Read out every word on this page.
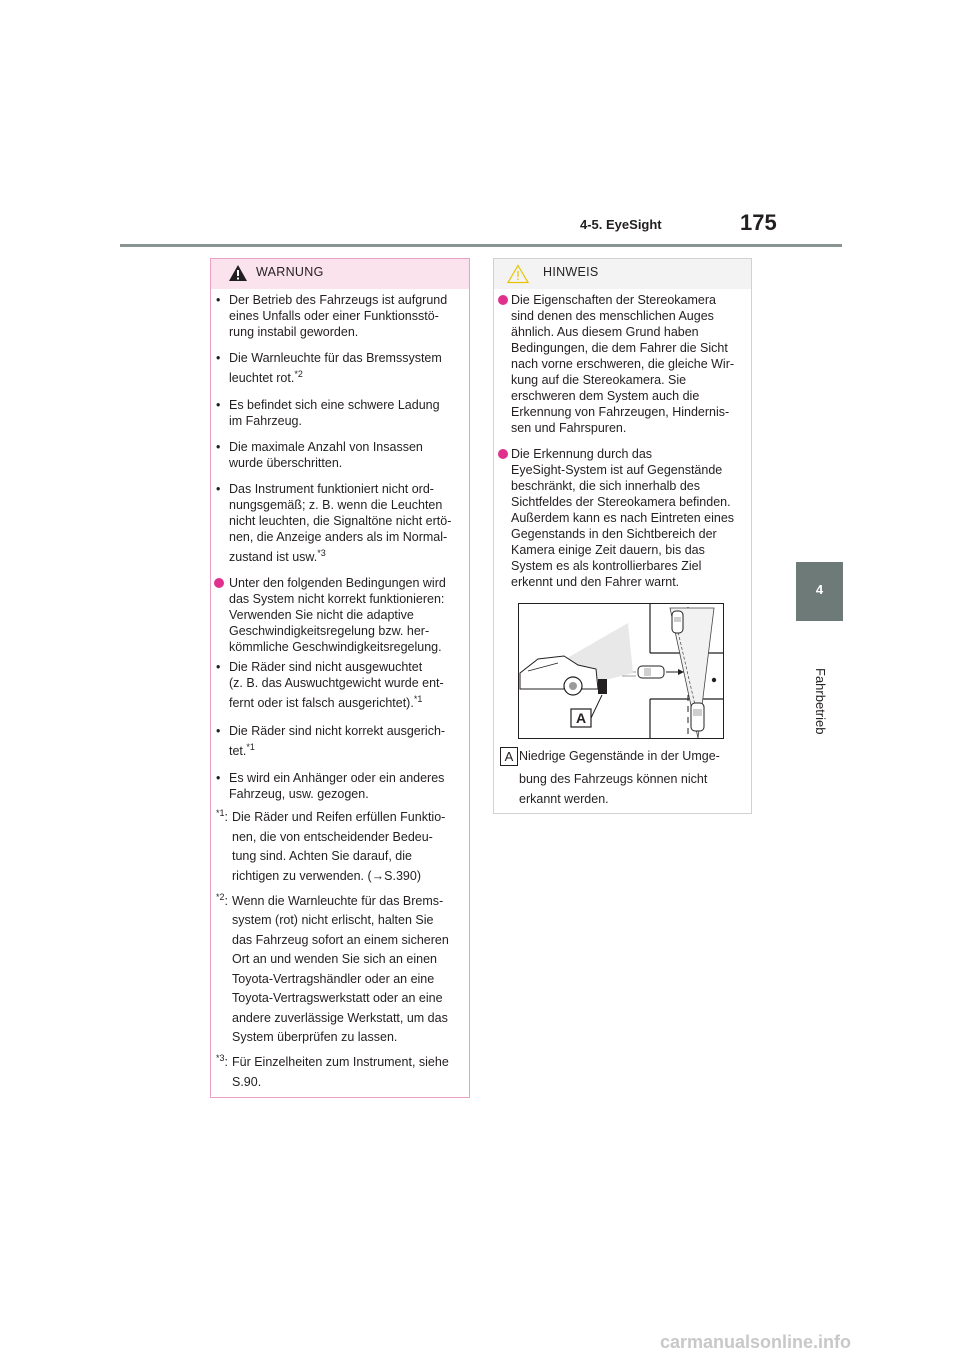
4-5. EyeSight	175
4
Fahrbetrieb
WARNUNG
• Der Betrieb des Fahrzeugs ist aufgrund
eines Unfalls oder einer Funktionsstö-
rung instabil geworden.
• Die Warnleuchte für das Bremssystem
leuchtet rot.$^{*2}$
• Es befindet sich eine schwere Ladung
im Fahrzeug.
• Die maximale Anzahl von Insassen
wurde überschritten.
• Das Instrument funktioniert nicht ord-
nungsgemäß; z. B. wenn die Leuchten
nicht leuchten, die Signaltöne nicht ertö-
nen, die Anzeige anders als im Normal-
zustand ist usw.$^{*3}$
Unter den folgenden Bedingungen wird
das System nicht korrekt funktionieren:
Verwenden Sie nicht die adaptive
Geschwindigkeitsregelung bzw. her-
kömmliche Geschwindigkeitsregelung.
• Die Räder sind nicht ausgewuchtet
(z. B. das Auswuchtgewicht wurde ent-
fernt oder ist falsch ausgerichtet).$^{*1}$
• Die Räder sind nicht korrekt ausgerich-
tet.$^{*1}$
• Es wird ein Anhänger oder ein anderes
Fahrzeug, usw. gezogen.
$^{*1}$: Die Räder und Reifen erfüllen Funktio-
nen, die von entscheidender Bedeu-
tung sind. Achten Sie darauf, die
richtigen zu verwenden. (→S.390)
$^{*2}$: Wenn die Warnleuchte für das Brems-
system (rot) nicht erlischt, halten Sie
das Fahrzeug sofort an einem sicheren
Ort an und wenden Sie sich an einen
Toyota-Vertragshändler oder an eine
Toyota-Vertragswerkstatt oder an eine
andere zuverlässige Werkstatt, um das
System überprüfen zu lassen.
$^{*3}$: Für Einzelheiten zum Instrument, siehe
S.90.
HINWEIS
Die Eigenschaften der Stereokamera
sind denen des menschlichen Auges
ähnlich. Aus diesem Grund haben
Bedingungen, die dem Fahrer die Sicht
nach vorne erschweren, die gleiche Wir-
kung auf die Stereokamera. Sie
erschweren dem System auch die
Erkennung von Fahrzeugen, Hindernis-
sen und Fahrspuren.
Die Erkennung durch das
EyeSight-System ist auf Gegenstände
beschränkt, die sich innerhalb des
Sichtfeldes der Stereokamera befinden.
Außerdem kann es nach Eintreten eines
Gegenstands in den Sichtbereich der
Kamera einige Zeit dauern, bis das
System es als kontrollierbares Ziel
erkennt und den Fahrer warnt.
A
A Niedrige Gegenstände in der Umge-
bung des Fahrzeugs können nicht
erkannt werden.
carmanualsonline.info
